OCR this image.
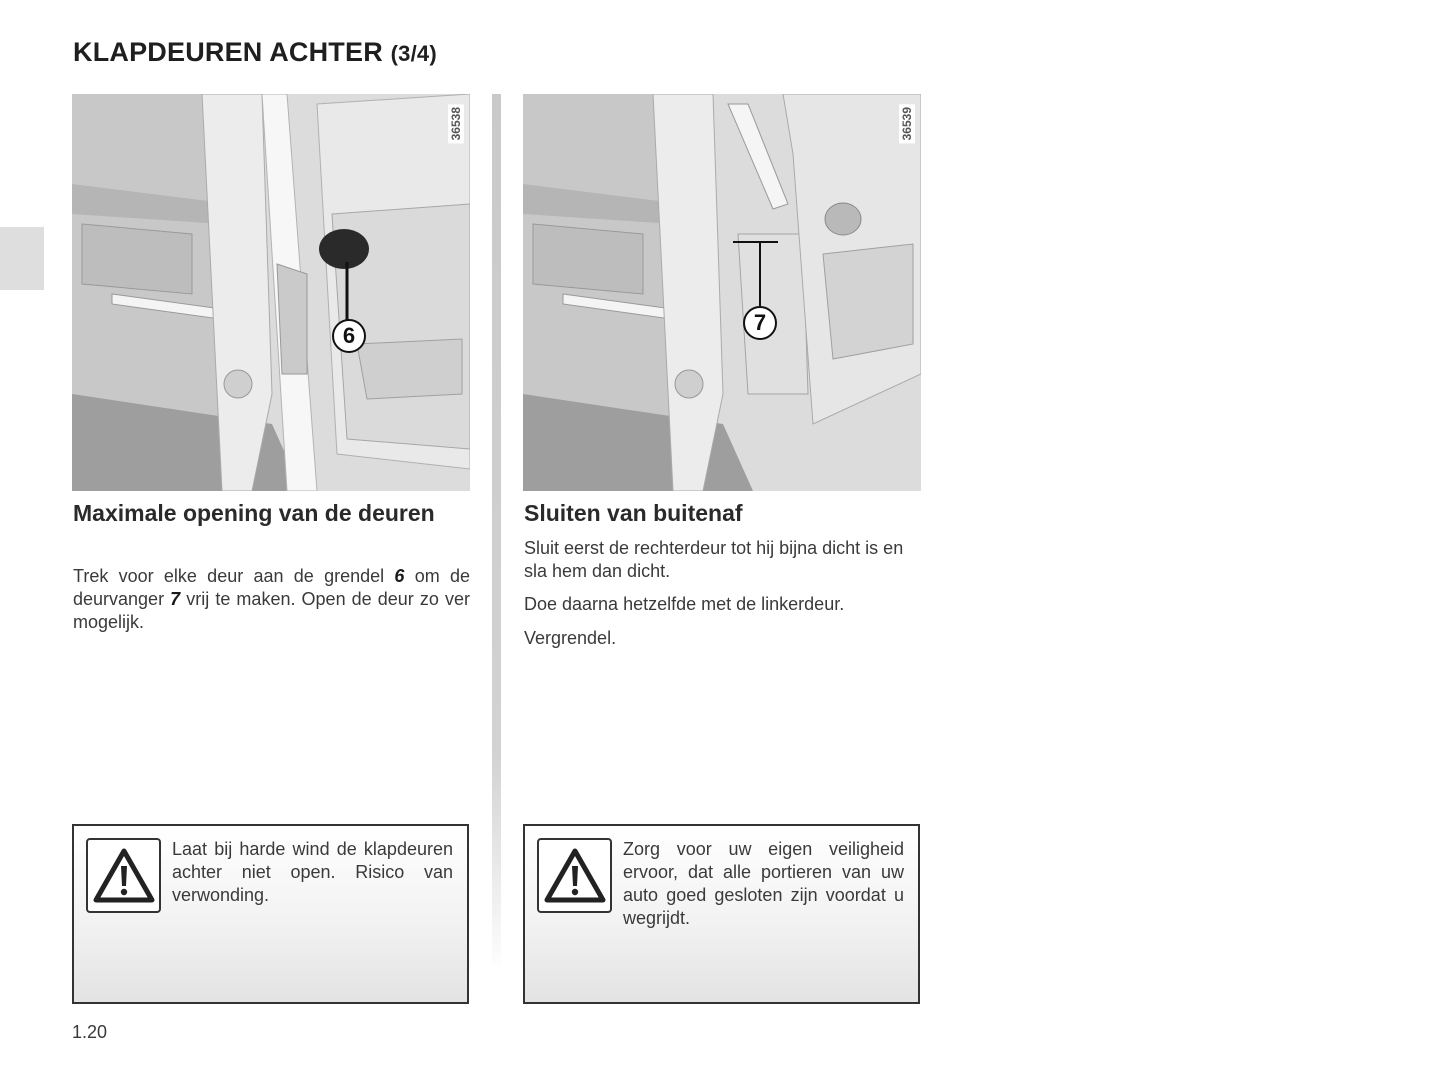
KLAPDEUREN ACHTER (3/4)
36538
6
36539
7
Maximale opening van de deuren

Trek voor elke deur aan de grendel 6 om de deurvanger 7 vrij te maken. Open de deur zo ver mogelijk.

Sluiten van buitenaf

Sluit eerst de rechterdeur tot hij bijna dicht is en sla hem dan dicht.

Doe daarna hetzelfde met de linkerdeur.

Vergrendel.

Laat bij harde wind de klapdeuren achter niet open. Risico van verwonding.
Zorg voor uw eigen veiligheid ervoor, dat alle portieren van uw auto goed gesloten zijn voordat u wegrijdt.
1.20
